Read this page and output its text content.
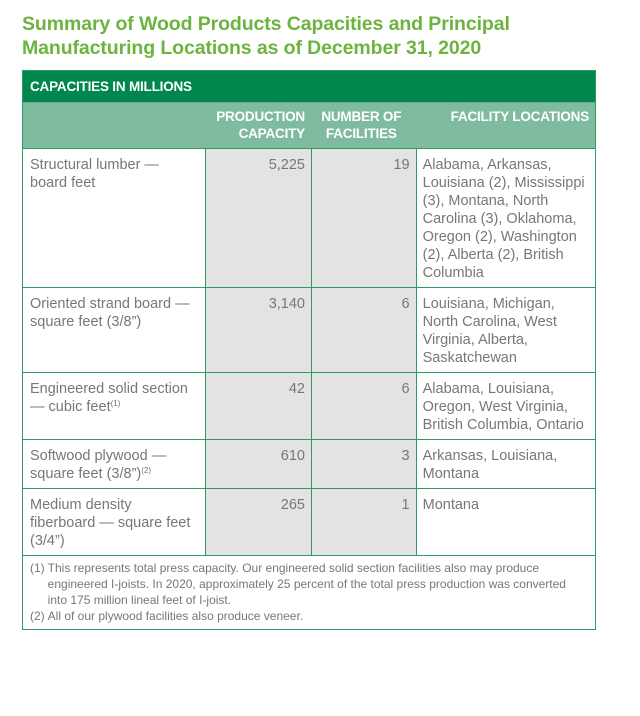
Summary of Wood Products Capacities and Principal Manufacturing Locations as of December 31, 2020
CAPACITIES IN MILLIONS
PRODUCTION CAPACITY
NUMBER OF FACILITIES
FACILITY LOCATIONS
Structural lumber — board feet
5,225	19 Alabama, Arkansas, Louisiana (2), Mississippi (3), Montana, North Carolina (3), Oklahoma, Oregon (2), Washington (2), Alberta (2), British Columbia
Oriented strand board — square feet (3/8”)
3,140	6 Louisiana, Michigan, North Carolina, West Virginia, Alberta, Saskatchewan
Engineered solid section — cubic feet$^{(1)}$
42	6 Alabama, Louisiana, Oregon, West Virginia, British Columbia, Ontario
Softwood plywood — square feet (3/8”)$^{(2)}$
610	3 Arkansas, Louisiana, Montana
Medium density fiberboard — square feet (3/4”)
265	1 Montana
(1) This represents total press capacity. Our engineered solid section facilities also may produce engineered I-joists. In 2020, approximately 25 percent of the total press production was converted into 175 million lineal feet of I-joist.
(2) All of our plywood facilities also produce veneer.
